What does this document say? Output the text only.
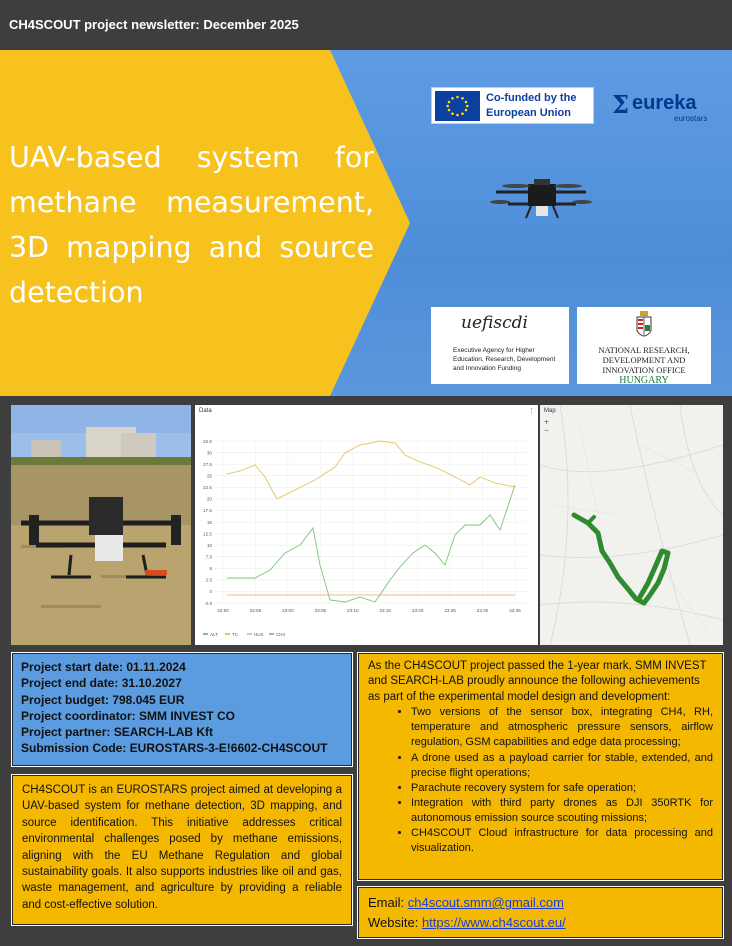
CH4SCOUT project newsletter: December 2025
UAV-based system for methane measurement, 3D mapping and source detection
Co-funded by the European Union	Σ eureka
eurostars
uefiscdi
Executive Agency for Higher Education, Research, Development and Innovation Funding
NATIONAL RESEARCH, DEVELOPMENT AND INNOVATION OFFICE
HUNGARY
32.5
30
27.5
25
22.5
20
17.5
15
12.5
10
7.5
5
2.5
0
-2.5
22:50	22:55	23:00	23:05	23:10	23:15	23:20	23:25	23:30	23:35
ALT	TC	HUS	CH4
Data	⋮ Map
+
−
Project start date: 01.11.2024
Project end date: 31.10.2027
Project budget: 798.045 EUR
Project coordinator: SMM INVEST CO
Project partner: SEARCH-LAB Kft
Submission Code: EUROSTARS-3-E!6602-CH4SCOUT

CH4SCOUT is an EUROSTARS project aimed at developing a UAV-based system for methane detection, 3D mapping, and source identification. This initiative addresses critical environmental challenges posed by methane emissions, aligning with the EU Methane Regulation and global sustainability goals. It also supports industries like oil and gas, waste management, and agriculture by providing a reliable and cost-effective solution.

As the CH4SCOUT project passed the 1-year mark, SMM INVEST and SEARCH-LAB proudly announce the following achievements as part of the experimental model design and development:

• Two versions of the sensor box, integrating CH4, RH, temperature and atmospheric pressure sensors, airflow regulation, GSM capabilities and edge data processing;
• A drone used as a payload carrier for stable, extended, and precise flight operations;
• Parachute recovery system for safe operation;
• Integration with third party drones as DJI 350RTK for autonomous emission source scouting missions;
• CH4SCOUT Cloud infrastructure for data processing and visualization.
Email: ch4scout.smm@gmail.com
Website: https://www.ch4scout.eu/
